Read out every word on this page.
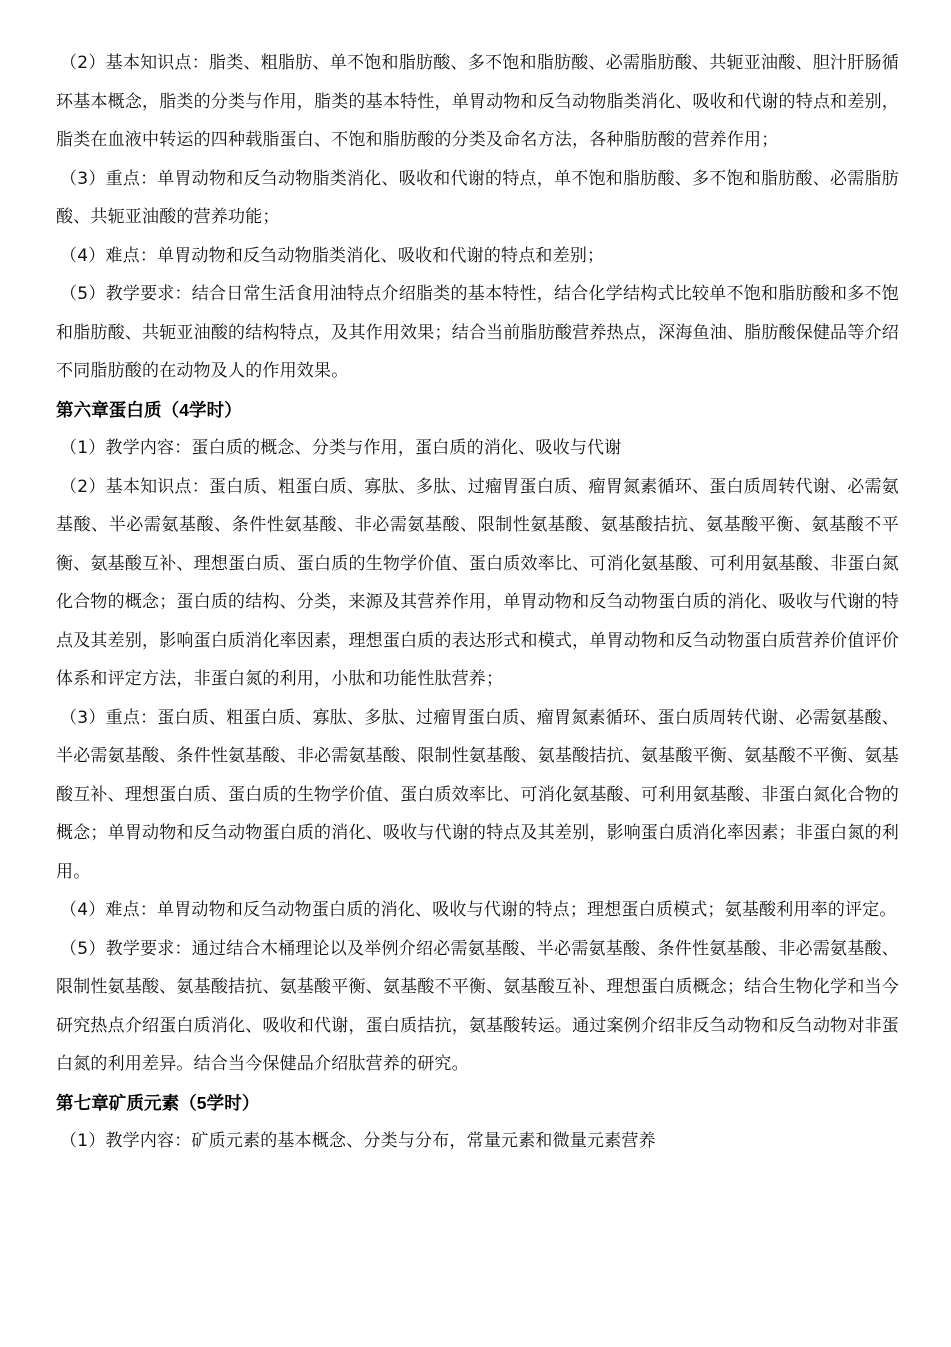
（2）基本知识点：脂类、粗脂肪、单不饱和脂肪酸、多不饱和脂肪酸、必需脂肪酸、共轭亚油酸、胆汁肝肠循环基本概念，脂类的分类与作用，脂类的基本特性，单胃动物和反刍动物脂类消化、吸收和代谢的特点和差别，脂类在血液中转运的四种载脂蛋白、不饱和脂肪酸的分类及命名方法，各种脂肪酸的营养作用；

（3）重点：单胃动物和反刍动物脂类消化、吸收和代谢的特点，单不饱和脂肪酸、多不饱和脂肪酸、必需脂肪酸、共轭亚油酸的营养功能；

（4）难点：单胃动物和反刍动物脂类消化、吸收和代谢的特点和差别；

（5）教学要求：结合日常生活食用油特点介绍脂类的基本特性，结合化学结构式比较单不饱和脂肪酸和多不饱和脂肪酸、共轭亚油酸的结构特点，及其作用效果；结合当前脂肪酸营养热点，深海鱼油、脂肪酸保健品等介绍不同脂肪酸的在动物及人的作用效果。

第六章蛋白质（4学时）

（1）教学内容：蛋白质的概念、分类与作用，蛋白质的消化、吸收与代谢

（2）基本知识点：蛋白质、粗蛋白质、寡肽、多肽、过瘤胃蛋白质、瘤胃氮素循环、蛋白质周转代谢、必需氨基酸、半必需氨基酸、条件性氨基酸、非必需氨基酸、限制性氨基酸、氨基酸拮抗、氨基酸平衡、氨基酸不平衡、氨基酸互补、理想蛋白质、蛋白质的生物学价值、蛋白质效率比、可消化氨基酸、可利用氨基酸、非蛋白氮化合物的概念；蛋白质的结构、分类，来源及其营养作用，单胃动物和反刍动物蛋白质的消化、吸收与代谢的特点及其差别，影响蛋白质消化率因素，理想蛋白质的表达形式和模式，单胃动物和反刍动物蛋白质营养价值评价体系和评定方法，非蛋白氮的利用，小肽和功能性肽营养；

（3）重点：蛋白质、粗蛋白质、寡肽、多肽、过瘤胃蛋白质、瘤胃氮素循环、蛋白质周转代谢、必需氨基酸、半必需氨基酸、条件性氨基酸、非必需氨基酸、限制性氨基酸、氨基酸拮抗、氨基酸平衡、氨基酸不平衡、氨基酸互补、理想蛋白质、蛋白质的生物学价值、蛋白质效率比、可消化氨基酸、可利用氨基酸、非蛋白氮化合物的概念；单胃动物和反刍动物蛋白质的消化、吸收与代谢的特点及其差别，影响蛋白质消化率因素；非蛋白氮的利用。

（4）难点：单胃动物和反刍动物蛋白质的消化、吸收与代谢的特点；理想蛋白质模式；氨基酸利用率的评定。

（5）教学要求：通过结合木桶理论以及举例介绍必需氨基酸、半必需氨基酸、条件性氨基酸、非必需氨基酸、限制性氨基酸、氨基酸拮抗、氨基酸平衡、氨基酸不平衡、氨基酸互补、理想蛋白质概念；结合生物化学和当今研究热点介绍蛋白质消化、吸收和代谢，蛋白质拮抗，氨基酸转运。通过案例介绍非反刍动物和反刍动物对非蛋白氮的利用差异。结合当今保健品介绍肽营养的研究。

第七章矿质元素（5学时）

（1）教学内容：矿质元素的基本概念、分类与分布，常量元素和微量元素营养
